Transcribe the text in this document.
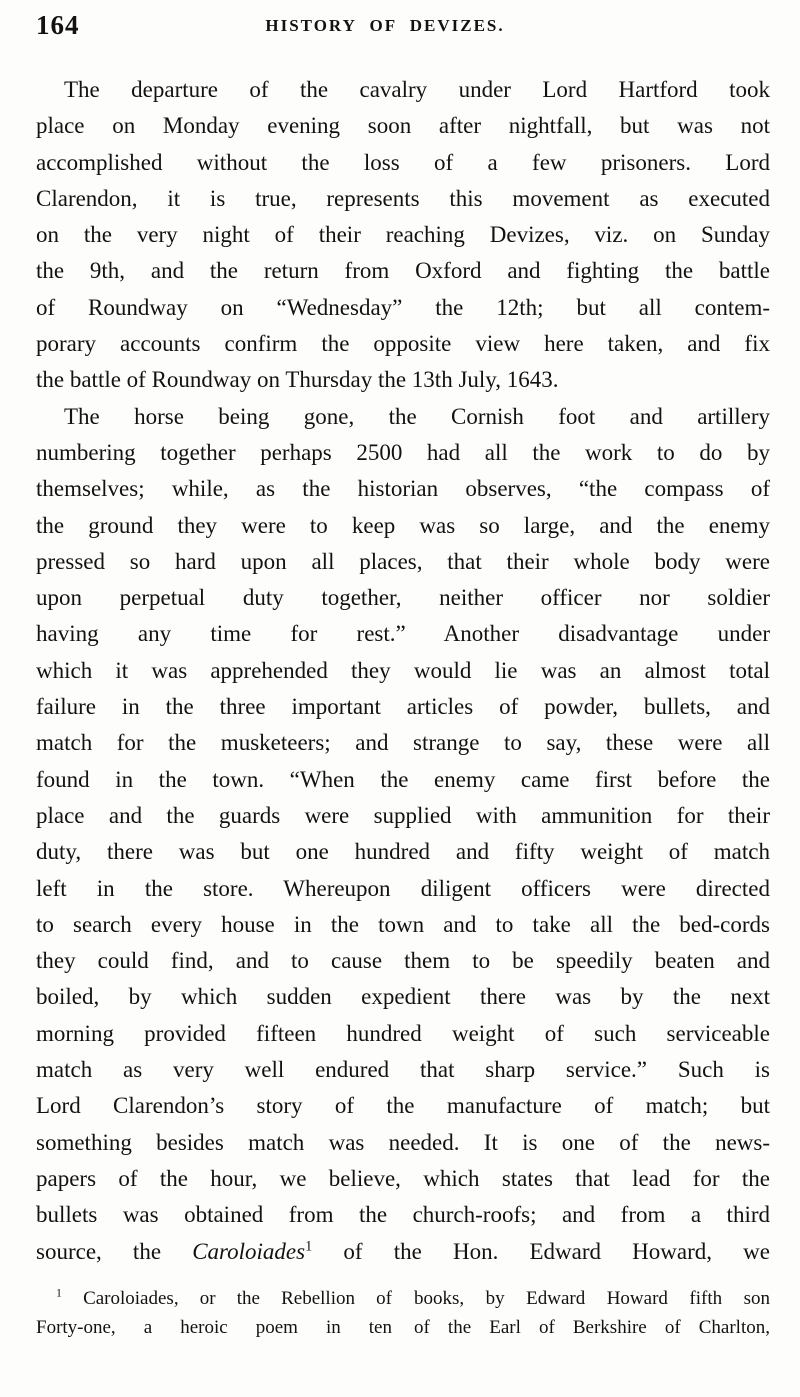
164	HISTORY OF DEVIZES.
The departure of the cavalry under Lord Hartford took
place on Monday evening soon after nightfall, but was not
accomplished without the loss of a few prisoners. Lord
Clarendon, it is true, represents this movement as executed
on the very night of their reaching Devizes, viz. on Sunday
the 9th, and the return from Oxford and fighting the battle
of Roundway on “Wednesday” the 12th; but all contem-
porary accounts confirm the opposite view here taken, and fix
the battle of Roundway on Thursday the 13th July, 1643.
The horse being gone, the Cornish foot and artillery
numbering together perhaps 2500 had all the work to do by
themselves; while, as the historian observes, “the compass of
the ground they were to keep was so large, and the enemy
pressed so hard upon all places, that their whole body were
upon perpetual duty together, neither officer nor soldier
having any time for rest.” Another disadvantage under
which it was apprehended they would lie was an almost total
failure in the three important articles of powder, bullets, and
match for the musketeers; and strange to say, these were all
found in the town. “When the enemy came first before the
place and the guards were supplied with ammunition for their
duty, there was but one hundred and fifty weight of match
left in the store. Whereupon diligent officers were directed
to search every house in the town and to take all the bed-cords
they could find, and to cause them to be speedily beaten and
boiled, by which sudden expedient there was by the next
morning provided fifteen hundred weight of such serviceable
match as very well endured that sharp service.” Such is
Lord Clarendon’s story of the manufacture of match; but
something besides match was needed. It is one of the news-
papers of the hour, we believe, which states that lead for the
bullets was obtained from the church-roofs; and from a third
source, the Caroloiades$^1$ of the Hon. Edward Howard, we
$^1$ Caroloiades, or the Rebellion of
Forty-one, a heroic poem in ten
books, by Edward Howard fifth son
of the Earl of Berkshire of Charlton,
